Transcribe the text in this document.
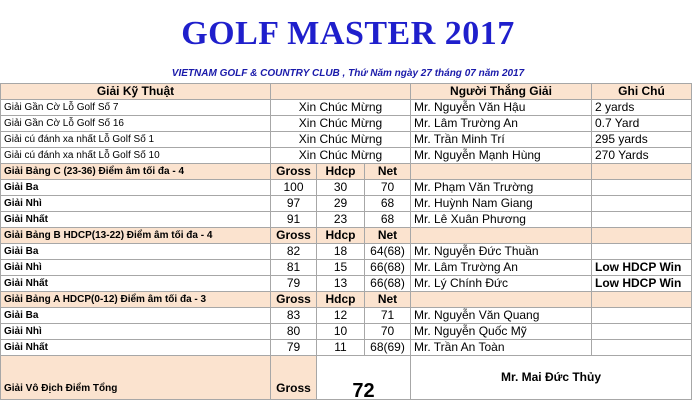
GOLF MASTER 2017
VIETNAM GOLF & COUNTRY CLUB , Thứ Năm ngày 27 tháng 07 năm 2017
Giải Kỹ Thuật				Người Thắng Giải	Ghi Chú
Giải Gần Cờ Lỗ Golf Số 7	Xin Chúc Mừng			Mr. Nguyễn Văn Hậu	2 yards
Giải Gần Cờ Lỗ Golf Số 16	Xin Chúc Mừng			Mr. Lâm Trường An	0.7 Yard
Giải cú đánh xa nhất Lỗ Golf Số 1	Xin Chúc Mừng			Mr. Trần Minh Trí	295 yards
Giải cú đánh xa nhất Lỗ Golf Số 10	Xin Chúc Mừng			Mr. Nguyễn Mạnh Hùng	270 Yards
Giải Bảng C (23-36) Điểm âm tối đa - 4	Gross	Hdcp	Net		
Giải Ba	100	30	70	Mr. Phạm Văn Trường	
Giải Nhì	97	29	68	Mr. Huỳnh Nam Giang	
Giải Nhất	91	23	68	Mr. Lê Xuân Phương	
Giải Bảng B HDCP(13-22) Điểm âm tối đa - 4	Gross	Hdcp	Net		
Giải Ba	82	18	64(68)	Mr. Nguyễn Đức Thuần	
Giải Nhì	81	15	66(68)	Mr. Lâm Trường An	Low HDCP Win
Giải Nhất	79	13	66(68)	Mr. Lý Chính Đức	Low HDCP Win
Giải Bảng A HDCP(0-12) Điểm âm tối đa - 3	Gross	Hdcp	Net		
Giải Ba	83	12	71	Mr. Nguyễn Văn Quang	
Giải Nhì	80	10	70	Mr. Nguyễn Quốc Mỹ	
Giải Nhất	79	11	68(69)	Mr. Trần An Toàn	
Giải Vô Địch Điểm Tổng	Gross	72		Mr. Mai Đức Thủy	
